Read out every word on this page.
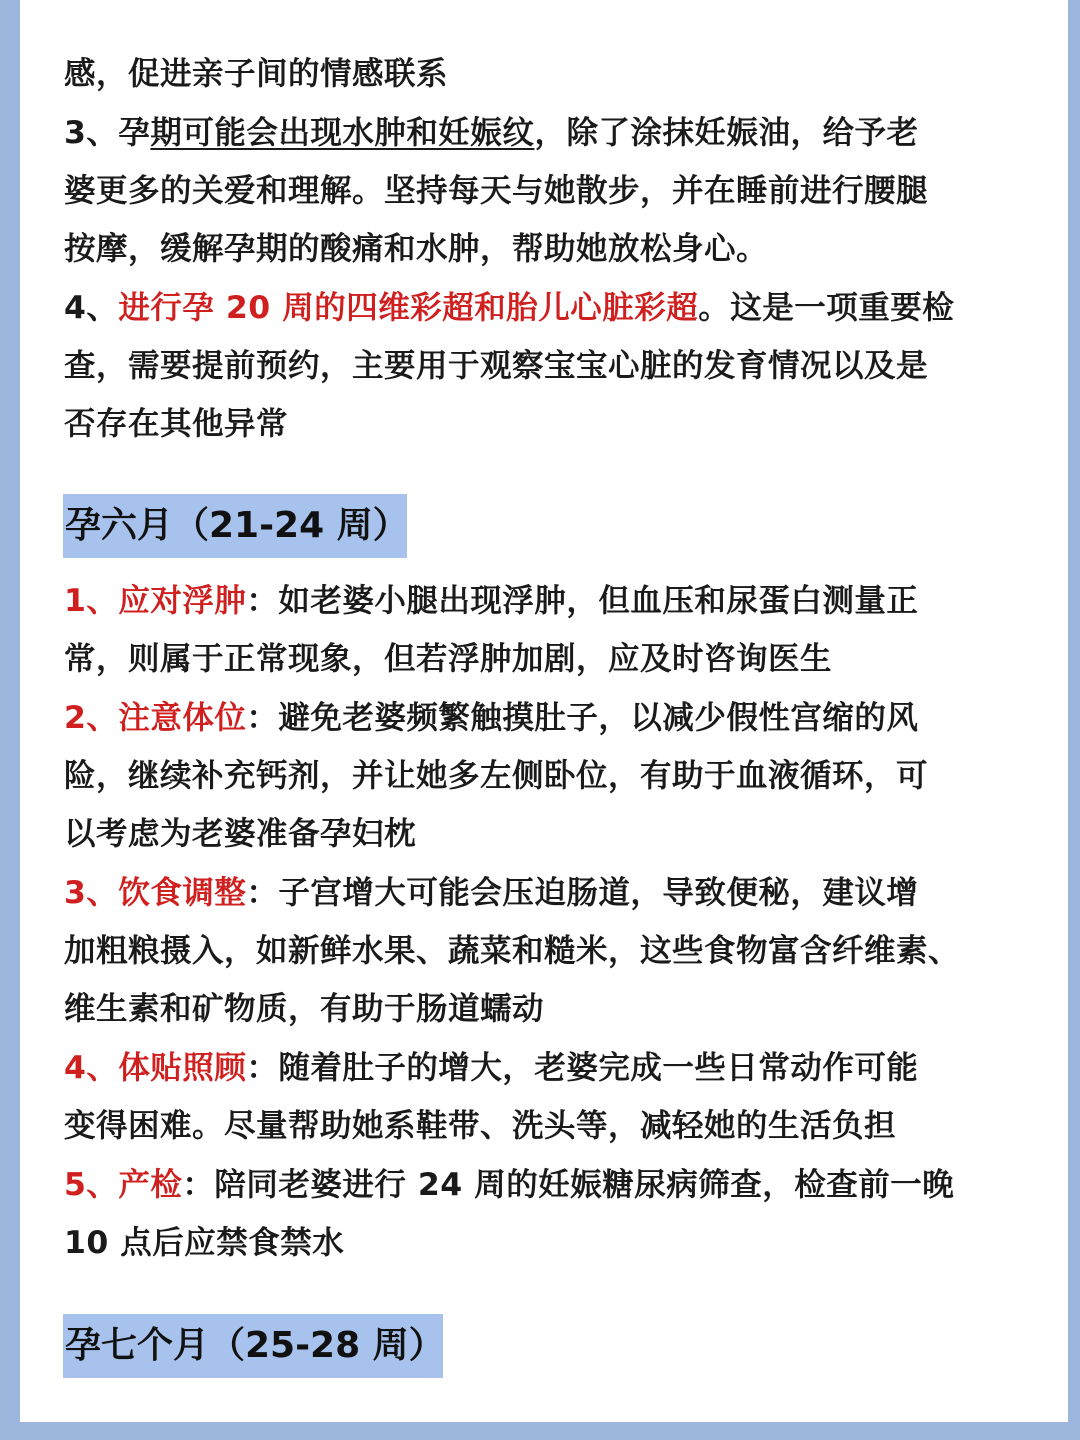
感，促进亲子间的情感联系
3、孕期可能会出现水肿和妊娠纹，除了涂抹妊娠油，给予老
婆更多的关爱和理解。坚持每天与她散步，并在睡前进行腰腿
按摩，缓解孕期的酸痛和水肿，帮助她放松身心。
4、进行孕 20 周的四维彩超和胎儿心脏彩超。这是一项重要检
查，需要提前预约，主要用于观察宝宝心脏的发育情况以及是
否存在其他异常
孕六月（21-24 周）
1、应对浮肿：如老婆小腿出现浮肿，但血压和尿蛋白测量正
常，则属于正常现象，但若浮肿加剧，应及时咨询医生
2、注意体位：避免老婆频繁触摸肚子，以减少假性宫缩的风
险，继续补充钙剂，并让她多左侧卧位，有助于血液循环，可
以考虑为老婆准备孕妇枕
3、饮食调整：子宫增大可能会压迫肠道，导致便秘，建议增
加粗粮摄入，如新鲜水果、蔬菜和糙米，这些食物富含纤维素、
维生素和矿物质，有助于肠道蠕动
4、体贴照顾：随着肚子的增大，老婆完成一些日常动作可能
变得困难。尽量帮助她系鞋带、洗头等，减轻她的生活负担
5、产检：陪同老婆进行 24 周的妊娠糖尿病筛查，检查前一晚
10 点后应禁食禁水
孕七个月（25-28 周）
